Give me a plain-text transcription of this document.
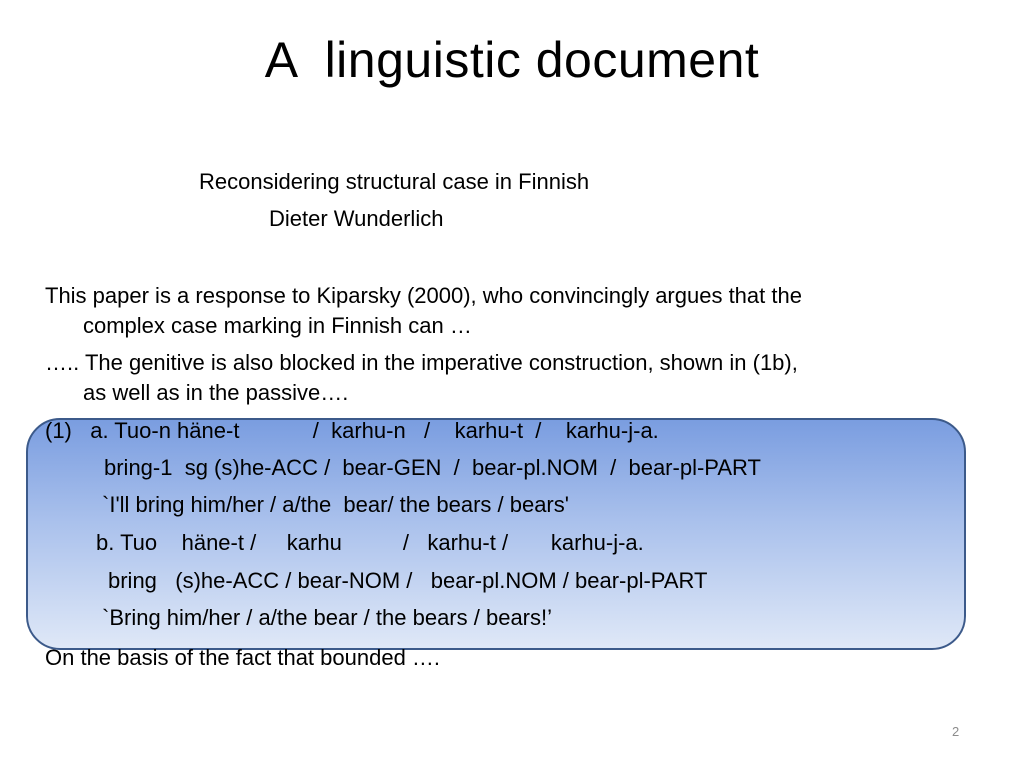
A  linguistic document
Reconsidering structural case in Finnish
Dieter Wunderlich
This paper is a response to Kiparsky (2000), who convincingly argues that the
complex case marking in Finnish can …
….. The genitive is also blocked in the imperative construction, shown in (1b),
as well as in the passive….
(1)   a. Tuo-n häne-t            /  karhu-n   /    karhu-t  /    karhu-j-a.
bring-1  sg (s)he-ACC /  bear-GEN  /  bear-pl.NOM  /  bear-pl-PART
`I'll bring him/her / a/the  bear/ the bears / bears'
b. Tuo    häne-t /     karhu          /   karhu-t /       karhu-j-a.
bring   (s)he-ACC / bear-NOM /   bear-pl.NOM / bear-pl-PART
`Bring him/her / a/the bear / the bears / bears!’
On the basis of the fact that bounded ….
2
